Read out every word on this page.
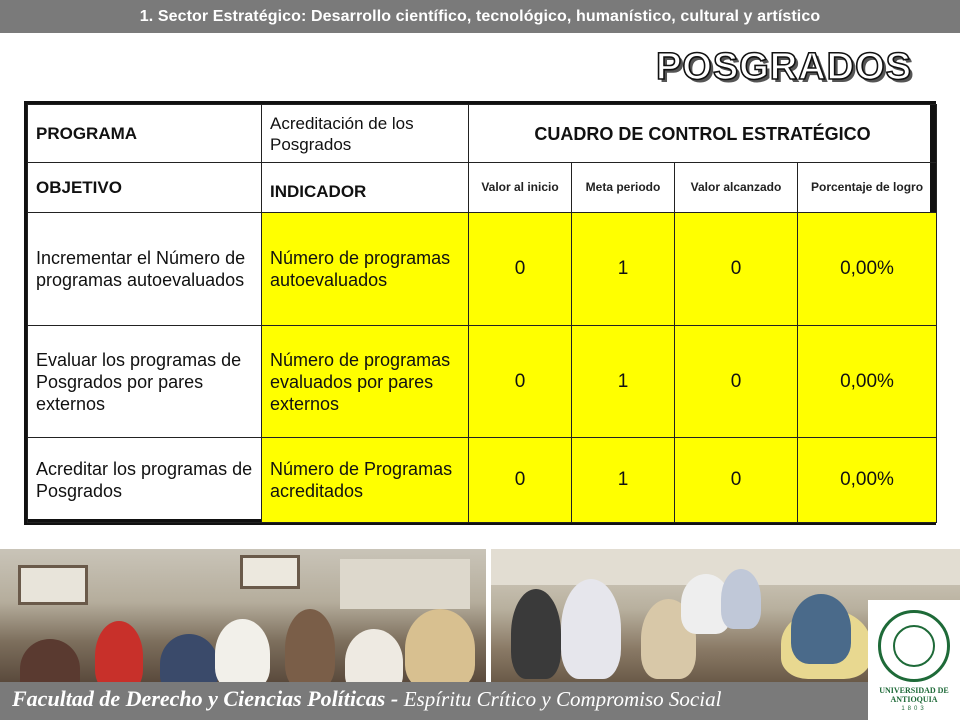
1. Sector Estratégico: Desarrollo científico, tecnológico, humanístico, cultural y artístico
POSGRADOS
PROGRAMA	Acreditación de los Posgrados	CUADRO DE CONTROL ESTRATÉGICO			
OBJETIVO	INDICADOR	Valor al inicio	Meta periodo	Valor alcanzado	Porcentaje de logro
Incrementar el Número de programas autoevaluados	Número de programas autoevaluados	0	1	0	0,00%
Evaluar los programas de Posgrados por pares externos	Número de programas evaluados por pares externos	0	1	0	0,00%
Acreditar los programas de Posgrados	Número de Programas acreditados	0	1	0	0,00%
UNIVERSIDAD DE ANTIOQUIA
1803
Facultad de Derecho y Ciencias Políticas - Espíritu Crítico y Compromiso Social
